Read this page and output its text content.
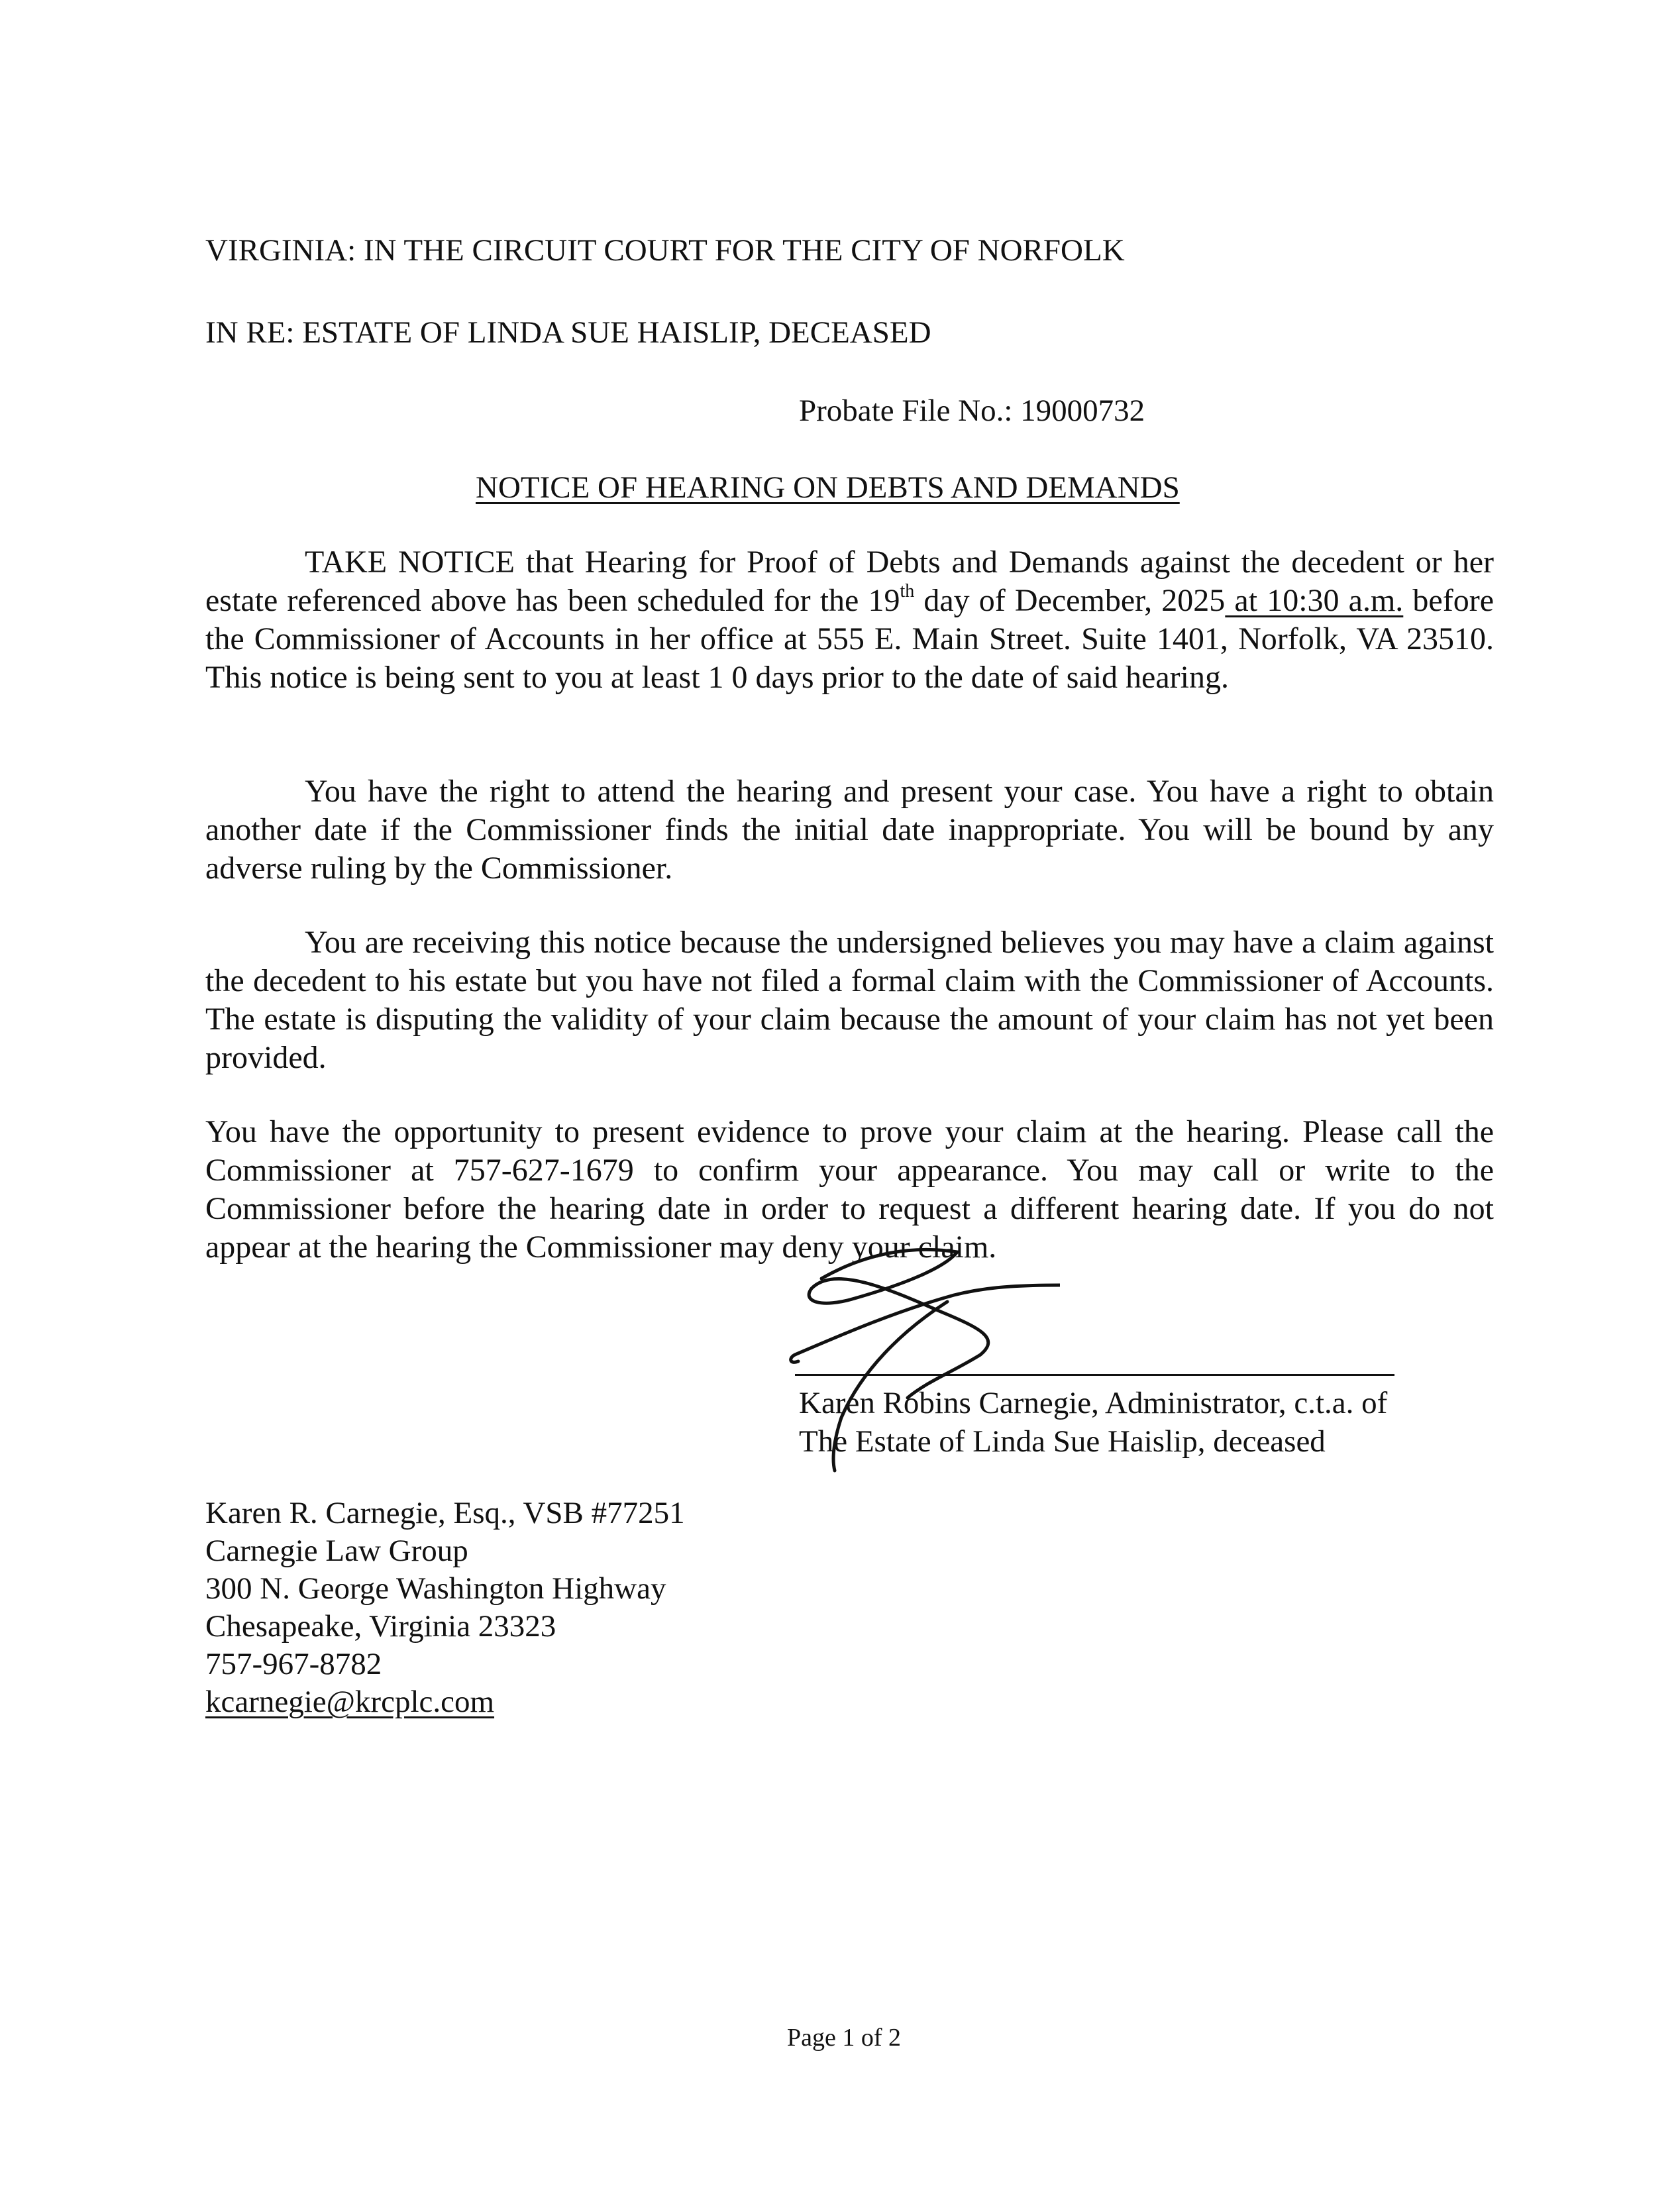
VIRGINIA: IN THE CIRCUIT COURT FOR THE CITY OF NORFOLK
IN RE: ESTATE OF LINDA SUE HAISLIP, DECEASED
Probate File No.: 19000732
NOTICE OF HEARING ON DEBTS AND DEMANDS
TAKE NOTICE that Hearing for Proof of Debts and Demands against the decedent or her estate referenced above has been scheduled for the 19th day of December, 2025 at 10:30 a.m. before the Commissioner of Accounts in her office at 555 E. Main Street. Suite 1401, Norfolk, VA 23510. This notice is being sent to you at least 1 0 days prior to the date of said hearing.
You have the right to attend the hearing and present your case. You have a right to obtain another date if the Commissioner finds the initial date inappropriate. You will be bound by any adverse ruling by the Commissioner.
You are receiving this notice because the undersigned believes you may have a claim against the decedent to his estate but you have not filed a formal claim with the Commissioner of Accounts. The estate is disputing the validity of your claim because the amount of your claim has not yet been provided.
You have the opportunity to present evidence to prove your claim at the hearing. Please call the Commissioner at 757-627-1679 to confirm your appearance. You may call or write to the Commissioner before the hearing date in order to request a different hearing date. If you do not appear at the hearing the Commissioner may deny your claim.
Karen Robins Carnegie, Administrator, c.t.a. of
The Estate of Linda Sue Haislip, deceased
Karen R. Carnegie, Esq., VSB #77251
Carnegie Law Group
300 N. George Washington Highway
Chesapeake, Virginia 23323
757-967-8782
kcarnegie@krcplc.com
Page 1 of 2
